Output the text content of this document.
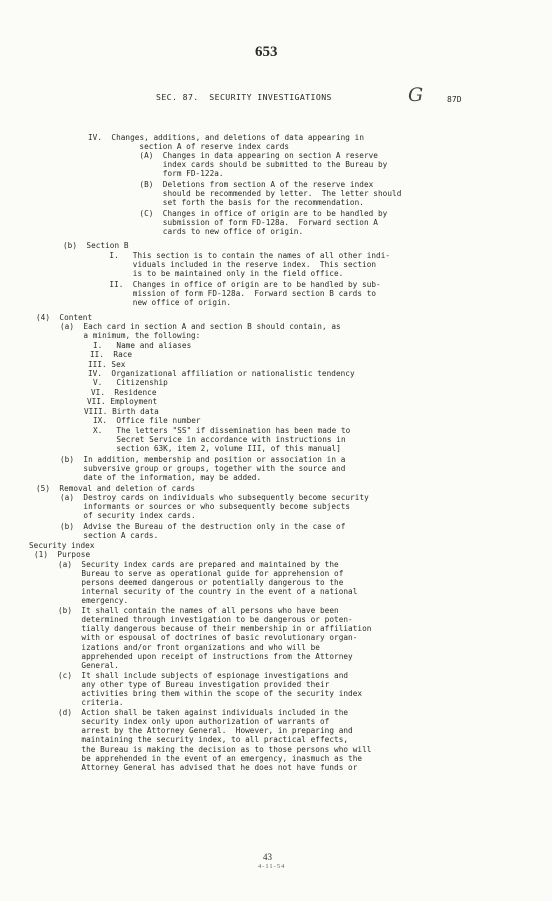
653
SEC. 87.  SECURITY INVESTIGATIONS	G	87D
IV.  Changes, additions, and deletions of data appearing in
section A of reserve index cards
(A)  Changes in data appearing on section A reserve
index cards should be submitted to the Bureau by
form FD-122a.
(B)  Deletions from section A of the reserve index
should be recommended by letter.  The letter should
set forth the basis for the recommendation.
(C)  Changes in office of origin are to be handled by
submission of form FD-128a.  Forward section A
cards to new office of origin.
(b)  Section B
I.   This section is to contain the names of all other indi-
viduals included in the reserve index.  This section
is to be maintained only in the field office.
II.  Changes in office of origin are to be handled by sub-
mission of form FD-128a.  Forward section B cards to
new office of origin.
(4)  Content
(a)  Each card in section A and section B should contain, as
a minimum, the following:
I.   Name and aliases
II.  Race
III. Sex
IV.  Organizational affiliation or nationalistic tendency
V.   Citizenship
VI.  Residence
VII. Employment
VIII. Birth data
IX.  Office file number
X.   The letters "SS" if dissemination has been made to
Secret Service in accordance with instructions in
section 63K, item 2, volume III, of this manual]
(b)  In addition, membership and position or association in a
subversive group or groups, together with the source and
date of the information, may be added.
(5)  Removal and deletion of cards
(a)  Destroy cards on individuals who subsequently become security
informants or sources or who subsequently become subjects
of security index cards.
(b)  Advise the Bureau of the destruction only in the case of
section A cards.
Security index
(1)  Purpose
(a)  Security index cards are prepared and maintained by the
Bureau to serve as operational guide for apprehension of
persons deemed dangerous or potentially dangerous to the
internal security of the country in the event of a national
emergency.
(b)  It shall contain the names of all persons who have been
determined through investigation to be dangerous or poten-
tially dangerous because of their membership in or affiliation
with or espousal of doctrines of basic revolutionary organ-
izations and/or front organizations and who will be
apprehended upon receipt of instructions from the Attorney
General.
(c)  It shall include subjects of espionage investigations and
any other type of Bureau investigation provided their
activities bring them within the scope of the security index
criteria.
(d)  Action shall be taken against individuals included in the
security index only upon authorization of warrants of
arrest by the Attorney General.  However, in preparing and
maintaining the security index, to all practical effects,
the Bureau is making the decision as to those persons who will
be apprehended in the event of an emergency, inasmuch as the
Attorney General has advised that he does not have funds or
43
4-11-54
